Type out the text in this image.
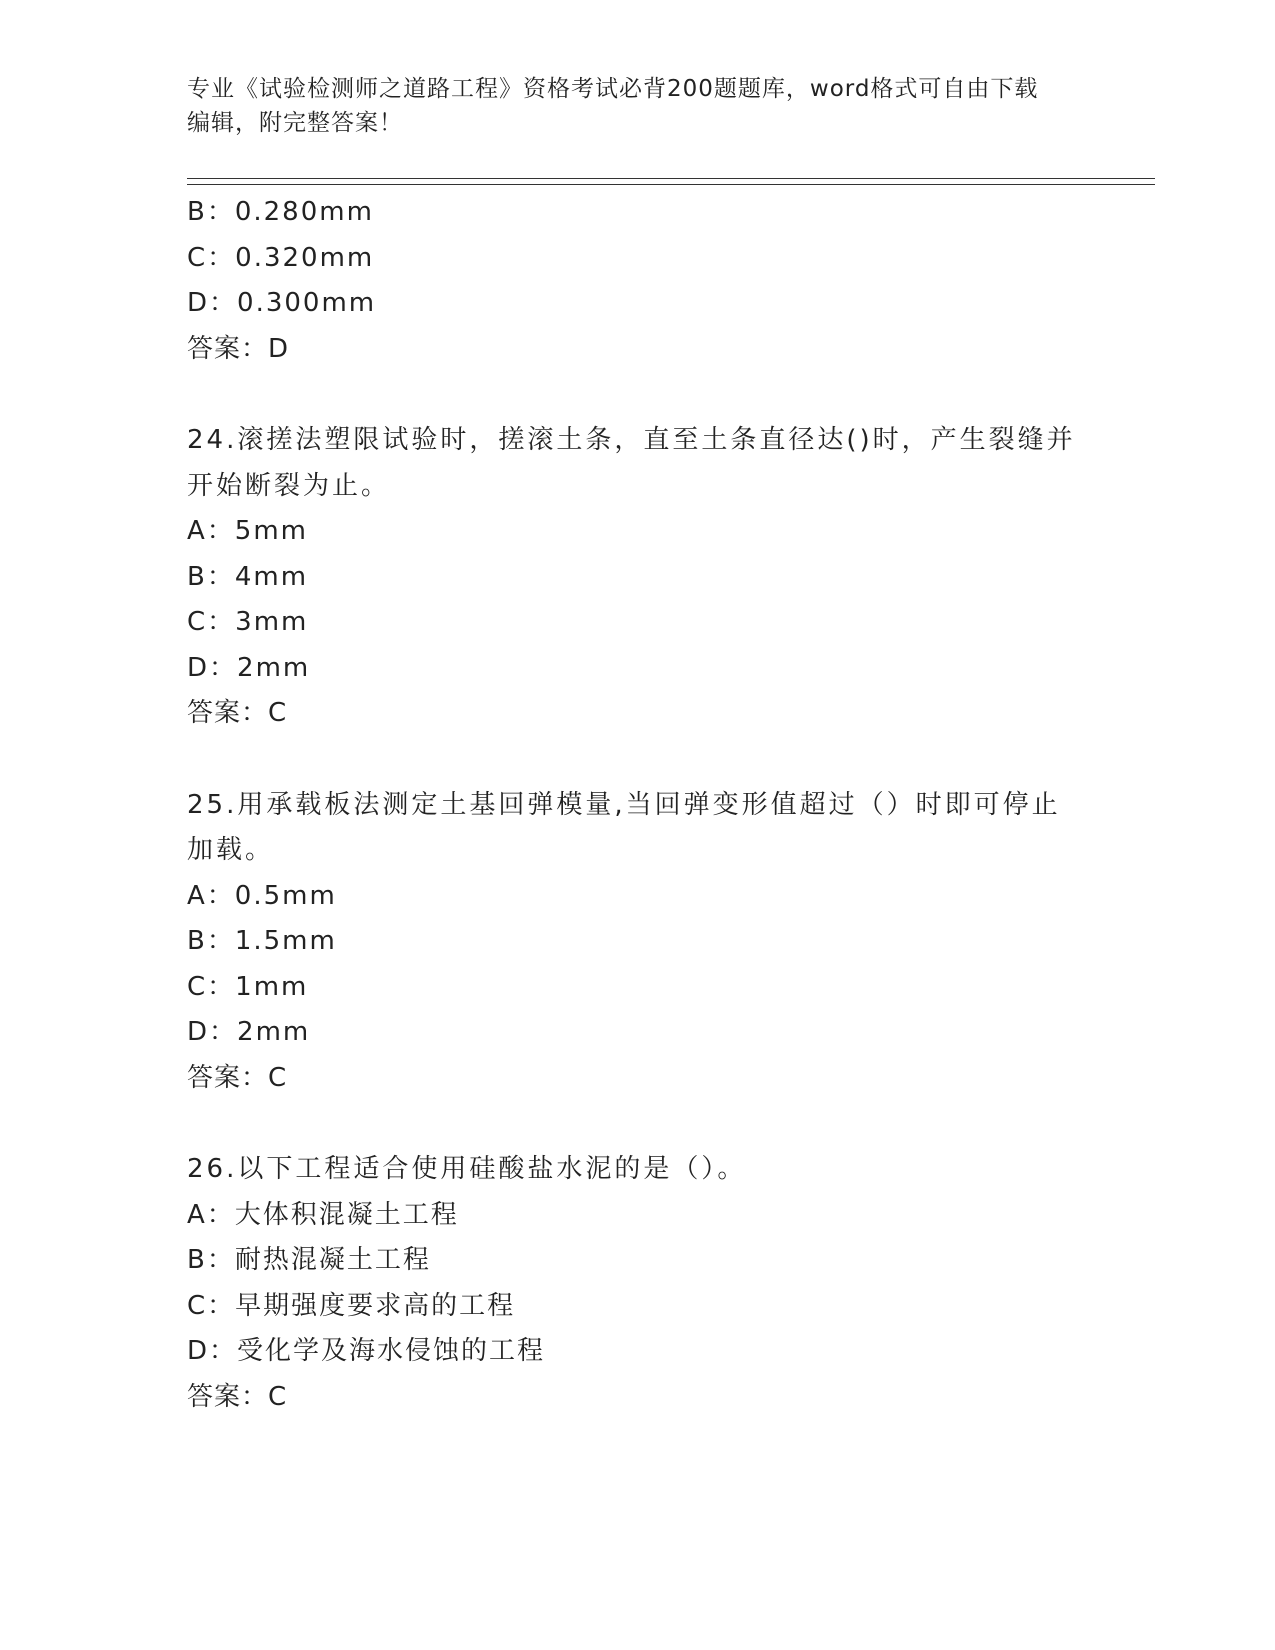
专业《试验检测师之道路工程》资格考试必背200题题库，word格式可自由下载
编辑，附完整答案！
B：0.280mm
C：0.320mm
D：0.300mm
答案：D
24.滚搓法塑限试验时，搓滚土条，直至土条直径达()时，产生裂缝并
开始断裂为止。
A：5mm
B：4mm
C：3mm
D：2mm
答案：C
25.用承载板法测定土基回弹模量,当回弹变形值超过（）时即可停止
加载。
A：0.5mm
B：1.5mm
C：1mm
D：2mm
答案：C
26.以下工程适合使用硅酸盐水泥的是（）。
A：大体积混凝土工程
B：耐热混凝土工程
C：早期强度要求高的工程
D：受化学及海水侵蚀的工程
答案：C
